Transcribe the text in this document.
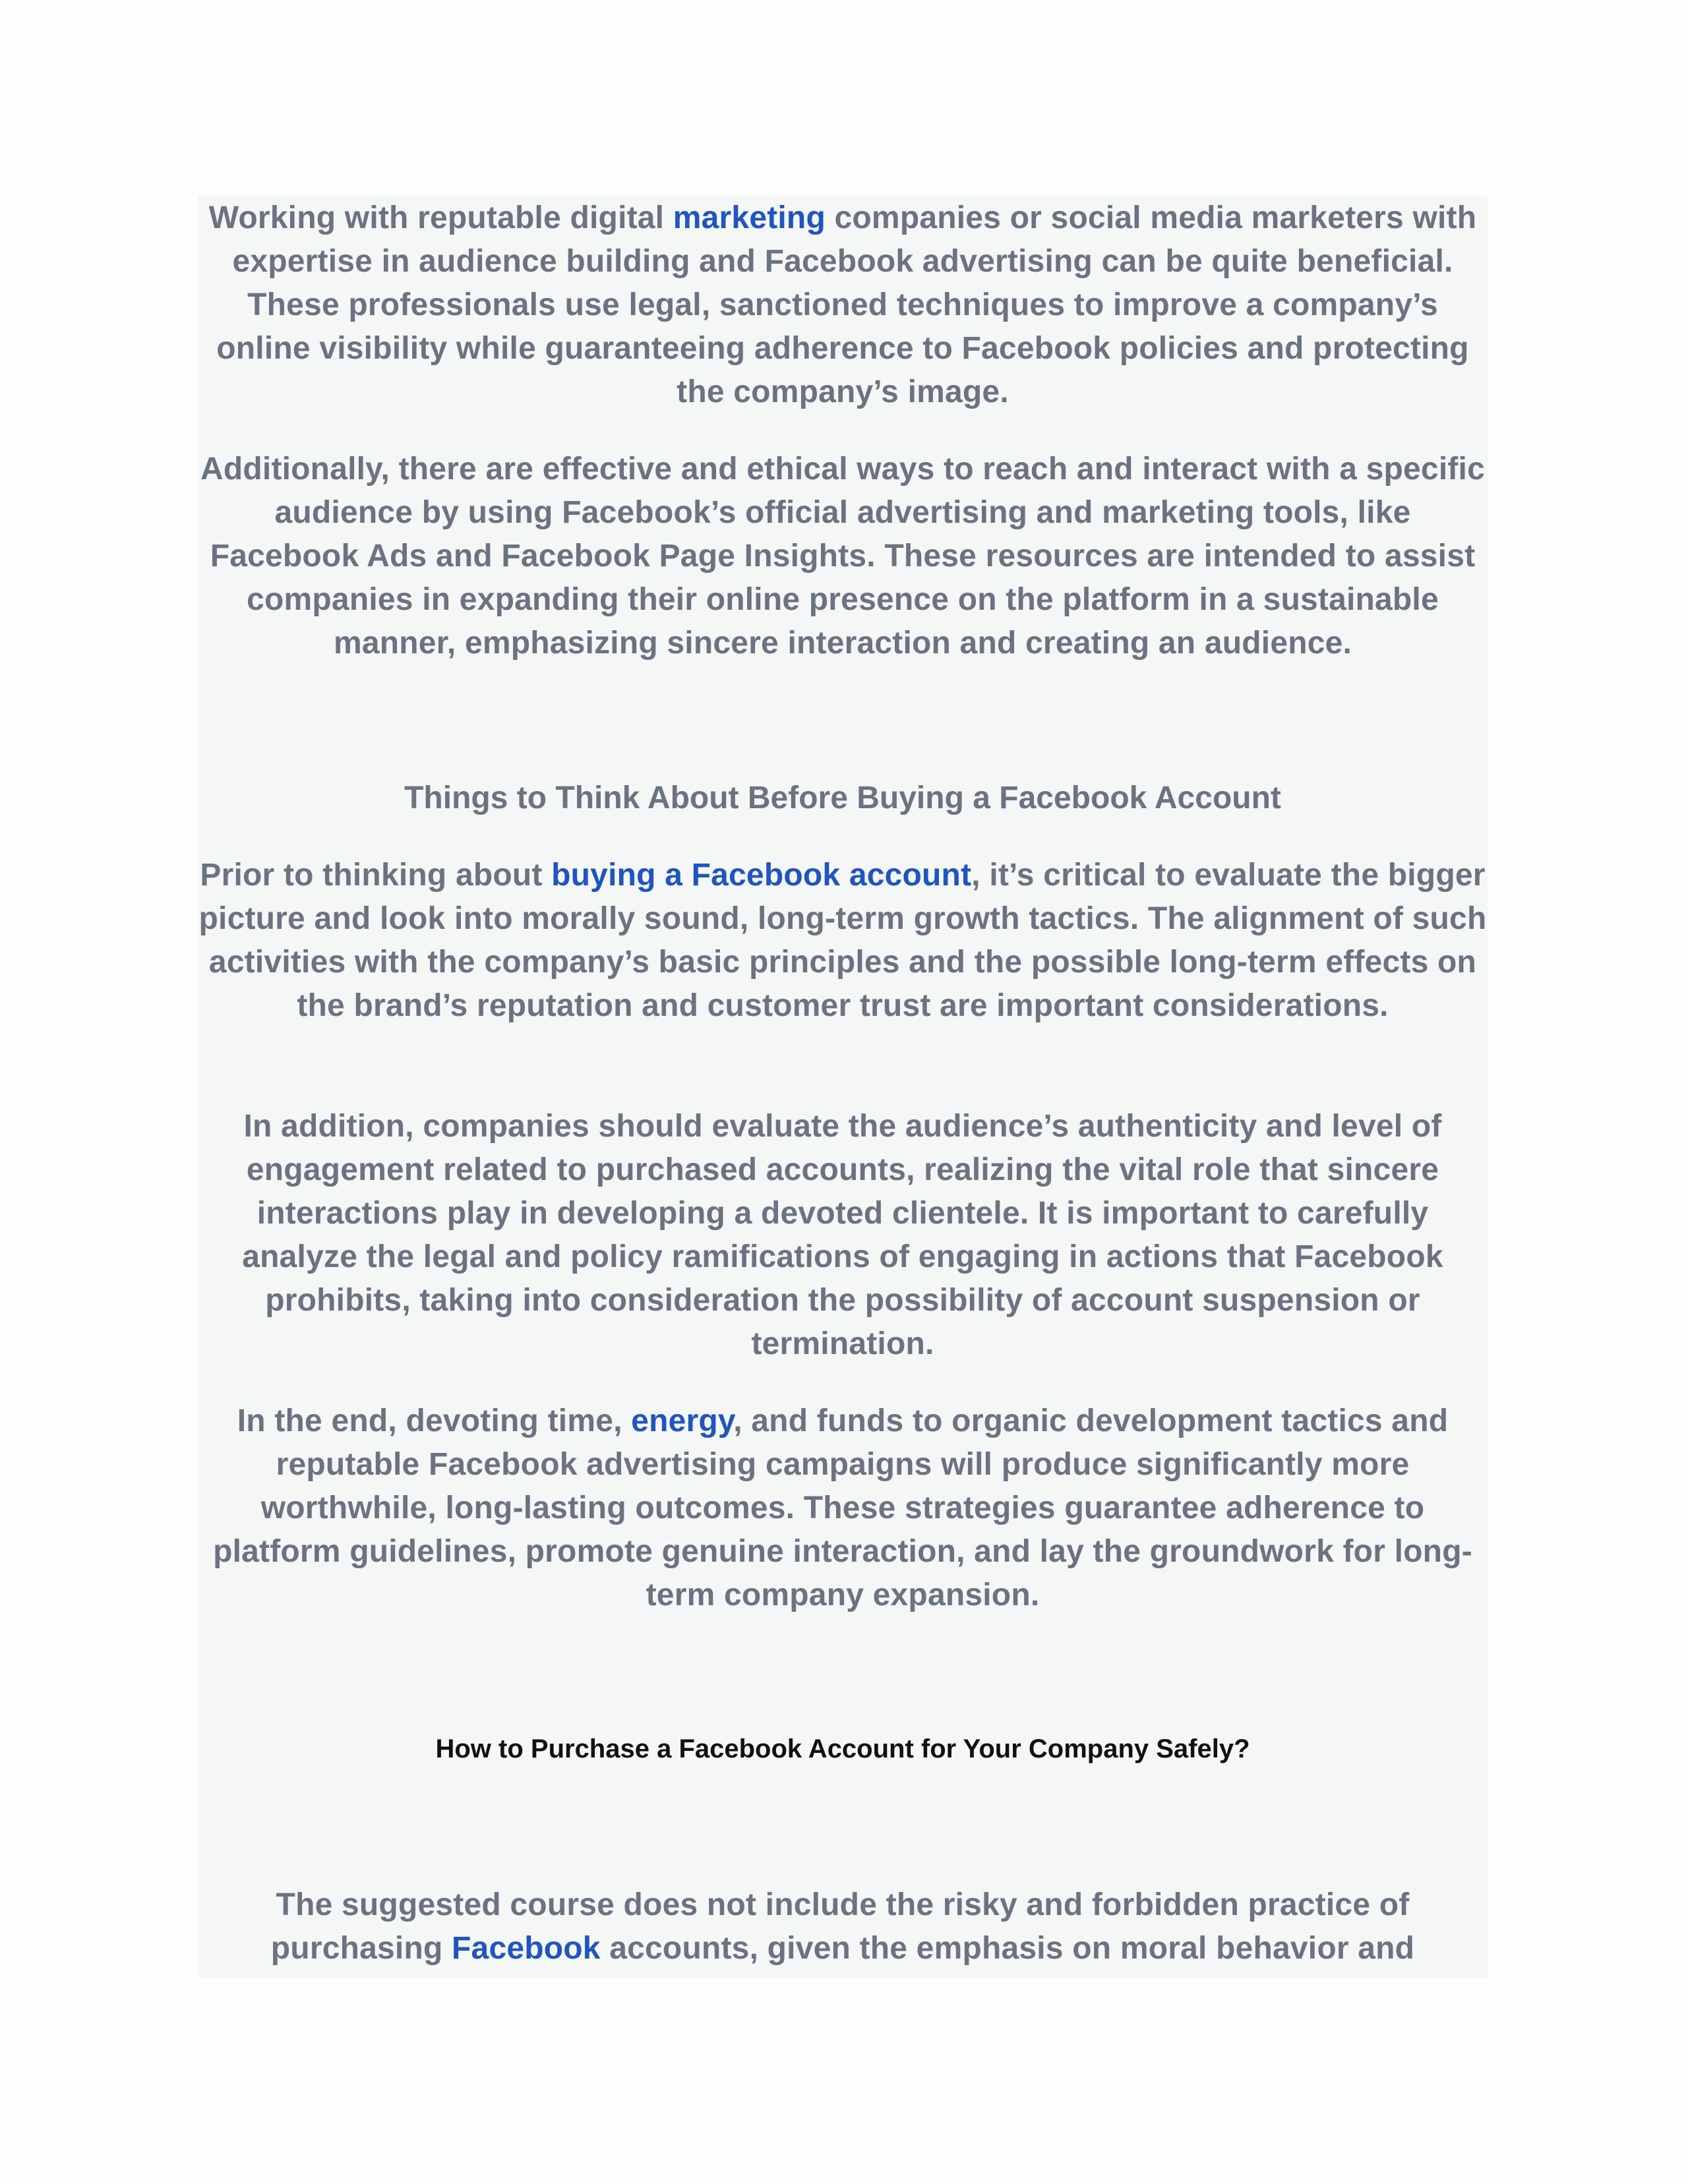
Working with reputable digital marketing companies or social media marketers with expertise in audience building and Facebook advertising can be quite beneficial. These professionals use legal, sanctioned techniques to improve a company’s online visibility while guaranteeing adherence to Facebook policies and protecting the company’s image.

Additionally, there are effective and ethical ways to reach and interact with a specific audience by using Facebook’s official advertising and marketing tools, like Facebook Ads and Facebook Page Insights. These resources are intended to assist companies in expanding their online presence on the platform in a sustainable manner, emphasizing sincere interaction and creating an audience.

Things to Think About Before Buying a Facebook Account

Prior to thinking about buying a Facebook account, it’s critical to evaluate the bigger picture and look into morally sound, long-term growth tactics. The alignment of such activities with the company’s basic principles and the possible long-term effects on the brand’s reputation and customer trust are important considerations.

In addition, companies should evaluate the audience’s authenticity and level of engagement related to purchased accounts, realizing the vital role that sincere interactions play in developing a devoted clientele. It is important to carefully analyze the legal and policy ramifications of engaging in actions that Facebook prohibits, taking into consideration the possibility of account suspension or termination.

In the end, devoting time, energy, and funds to organic development tactics and reputable Facebook advertising campaigns will produce significantly more worthwhile, long-lasting outcomes. These strategies guarantee adherence to platform guidelines, promote genuine interaction, and lay the groundwork for long-term company expansion.

How to Purchase a Facebook Account for Your Company Safely?

The suggested course does not include the risky and forbidden practice of purchasing Facebook accounts, given the emphasis on moral behavior and
